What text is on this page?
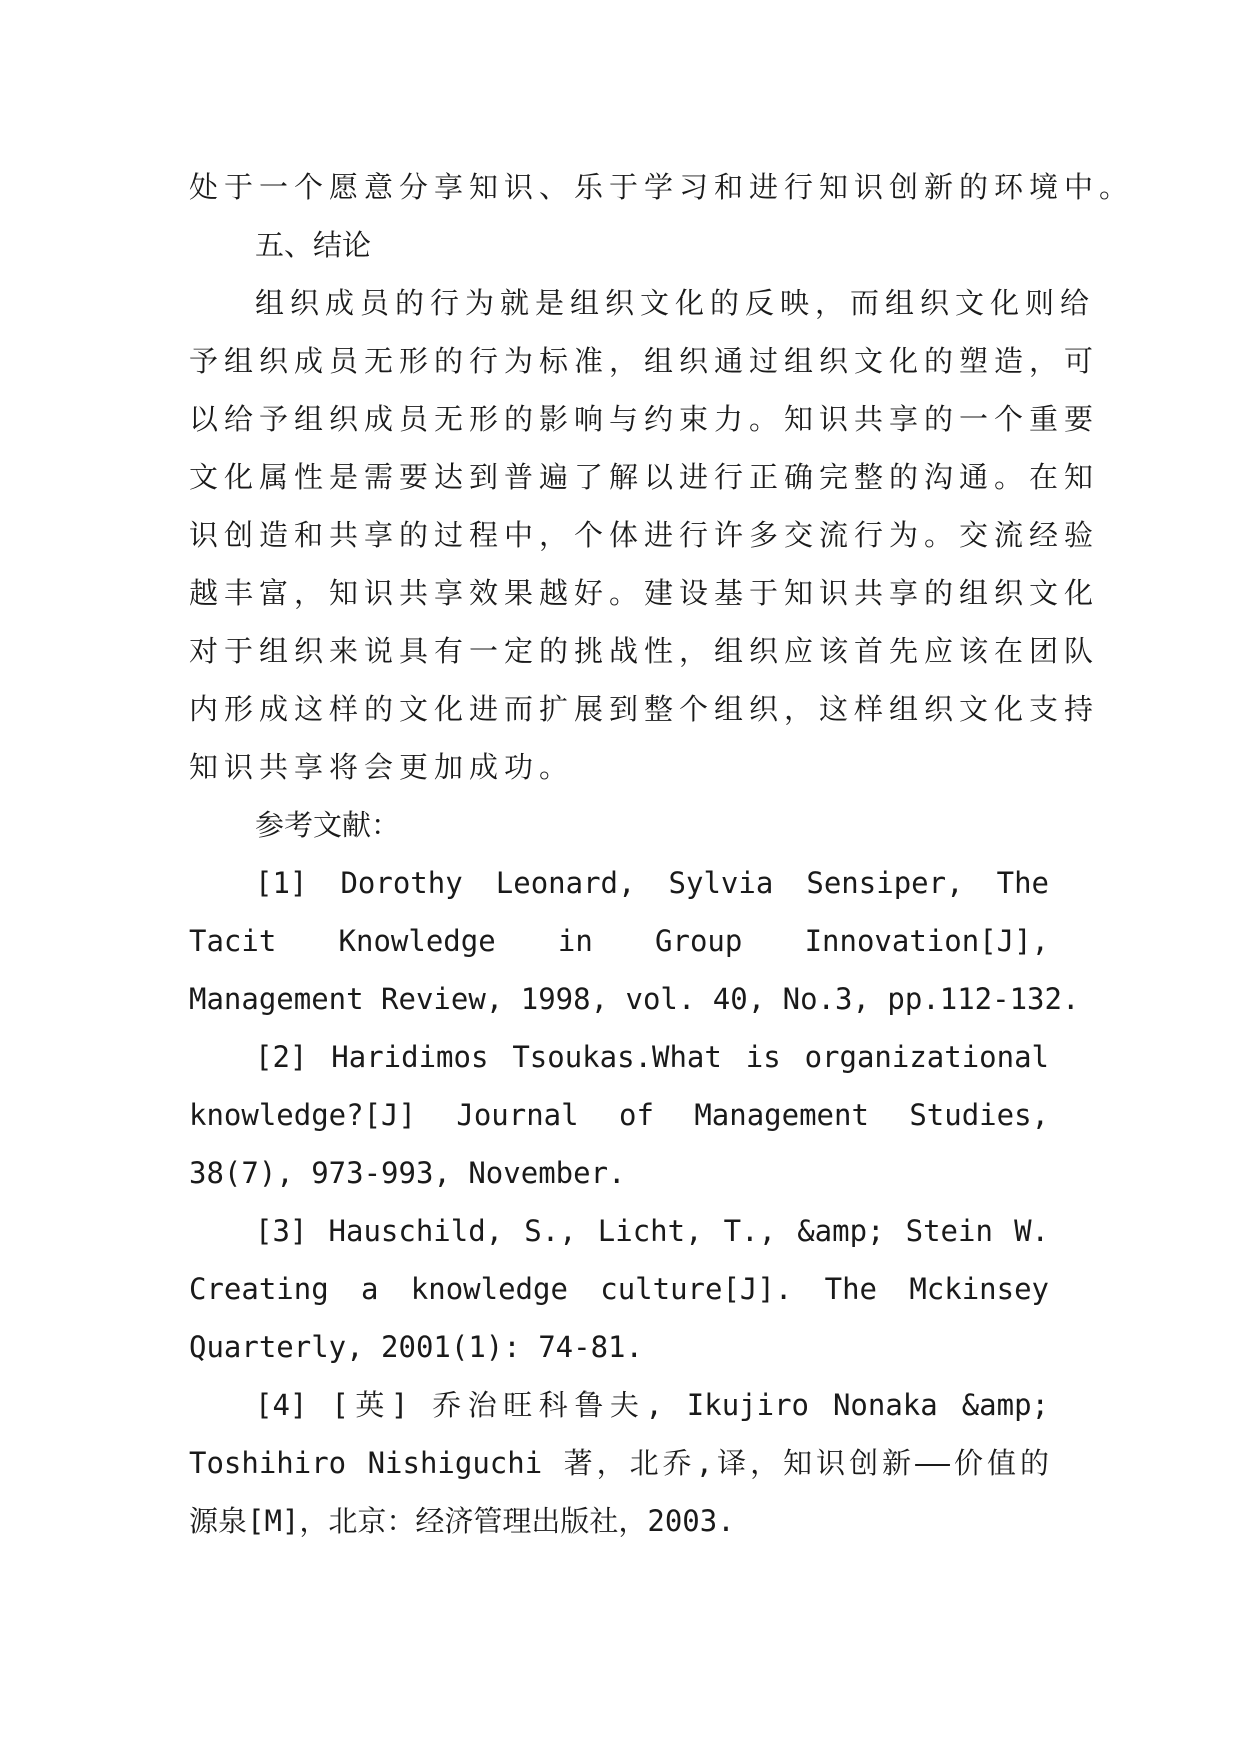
处于一个愿意分享知识、乐于学习和进行知识创新的环境中。
五、结论
组织成员的行为就是组织文化的反映，而组织文化则给
予组织成员无形的行为标准，组织通过组织文化的塑造，可
以给予组织成员无形的影响与约束力。知识共享的一个重要
文化属性是需要达到普遍了解以进行正确完整的沟通。在知
识创造和共享的过程中，个体进行许多交流行为。交流经验
越丰富，知识共享效果越好。建设基于知识共享的组织文化
对于组织来说具有一定的挑战性，组织应该首先应该在团队
内形成这样的文化进而扩展到整个组织，这样组织文化支持
知识共享将会更加成功。
参考文献：
[1] Dorothy Leonard, Sylvia Sensiper, The
Tacit Knowledge in Group Innovation[J],
Management Review, 1998, vol. 40, No.3, pp.112-132.
[2] Haridimos Tsoukas.What is organizational
knowledge?[J] Journal of Management Studies,
38(7), 973-993, November.
[3] Hauschild, S., Licht, T., &amp; Stein W.
Creating a knowledge culture[J]. The Mckinsey
Quarterly, 2001(1): 74-81.
[4] [英] 乔治旺科鲁夫, Ikujiro Nonaka &amp;
Toshihiro Nishiguchi 著，北乔,译，知识创新——价值的
源泉[M]，北京：经济管理出版社，2003.
